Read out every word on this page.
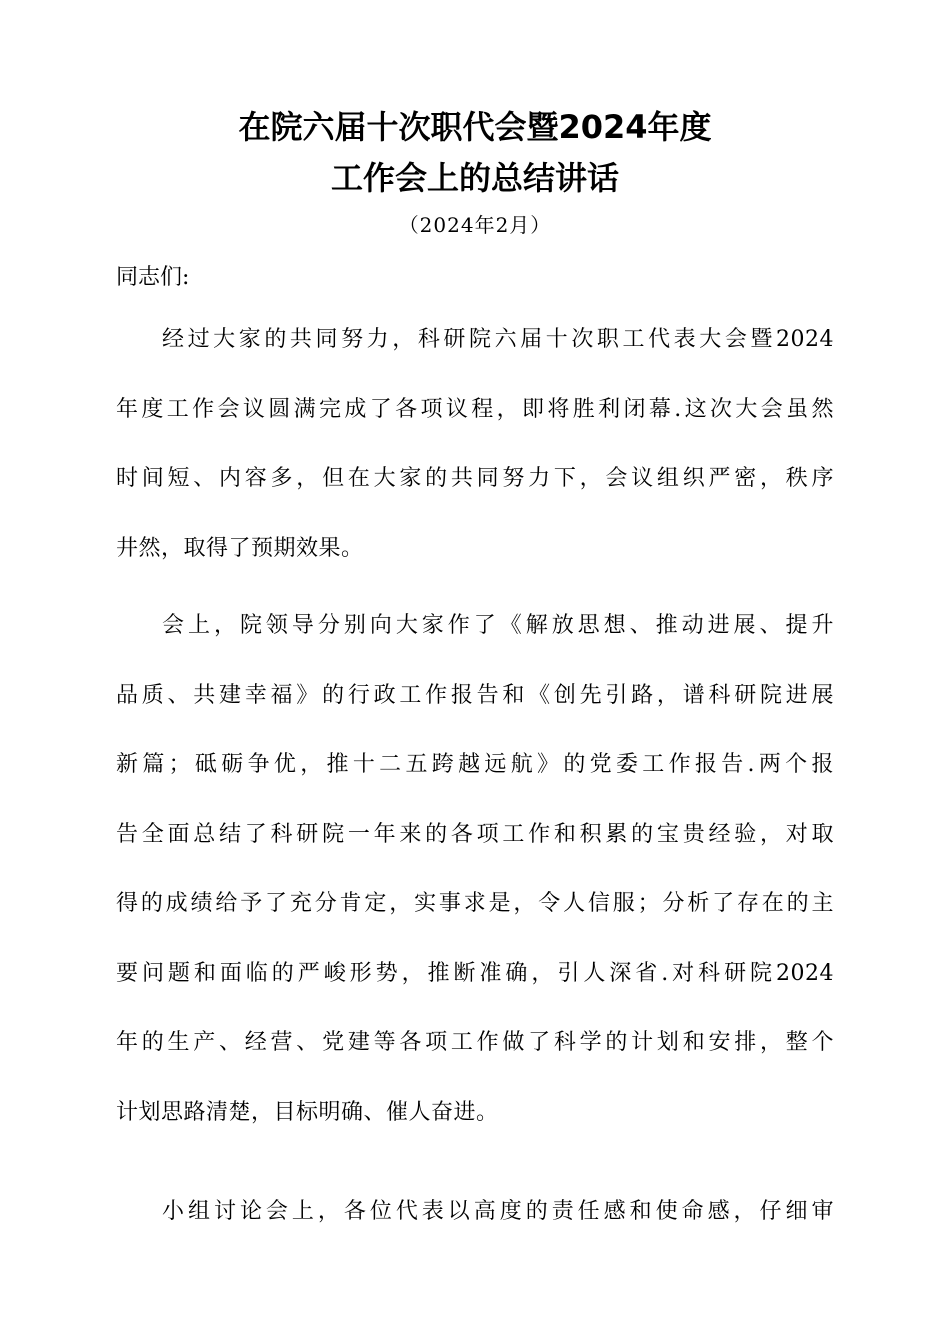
在院六届十次职代会暨2024年度
工作会上的总结讲话
（2024年2月）
同志们:
经过大家的共同努力，科研院六届十次职工代表大会暨2024
年度工作会议圆满完成了各项议程，即将胜利闭幕.这次大会虽然
时间短、内容多，但在大家的共同努力下，会议组织严密，秩序
井然，取得了预期效果。
会上，院领导分别向大家作了《解放思想、推动进展、提升
品质、共建幸福》的行政工作报告和《创先引路，谱科研院进展
新篇；砥砺争优，推十二五跨越远航》的党委工作报告.两个报
告全面总结了科研院一年来的各项工作和积累的宝贵经验，对取
得的成绩给予了充分肯定，实事求是，令人信服；分析了存在的主
要问题和面临的严峻形势，推断准确，引人深省.对科研院2024
年的生产、经营、党建等各项工作做了科学的计划和安排，整个
计划思路清楚，目标明确、催人奋进。
小组讨论会上，各位代表以高度的责任感和使命感，仔细审
